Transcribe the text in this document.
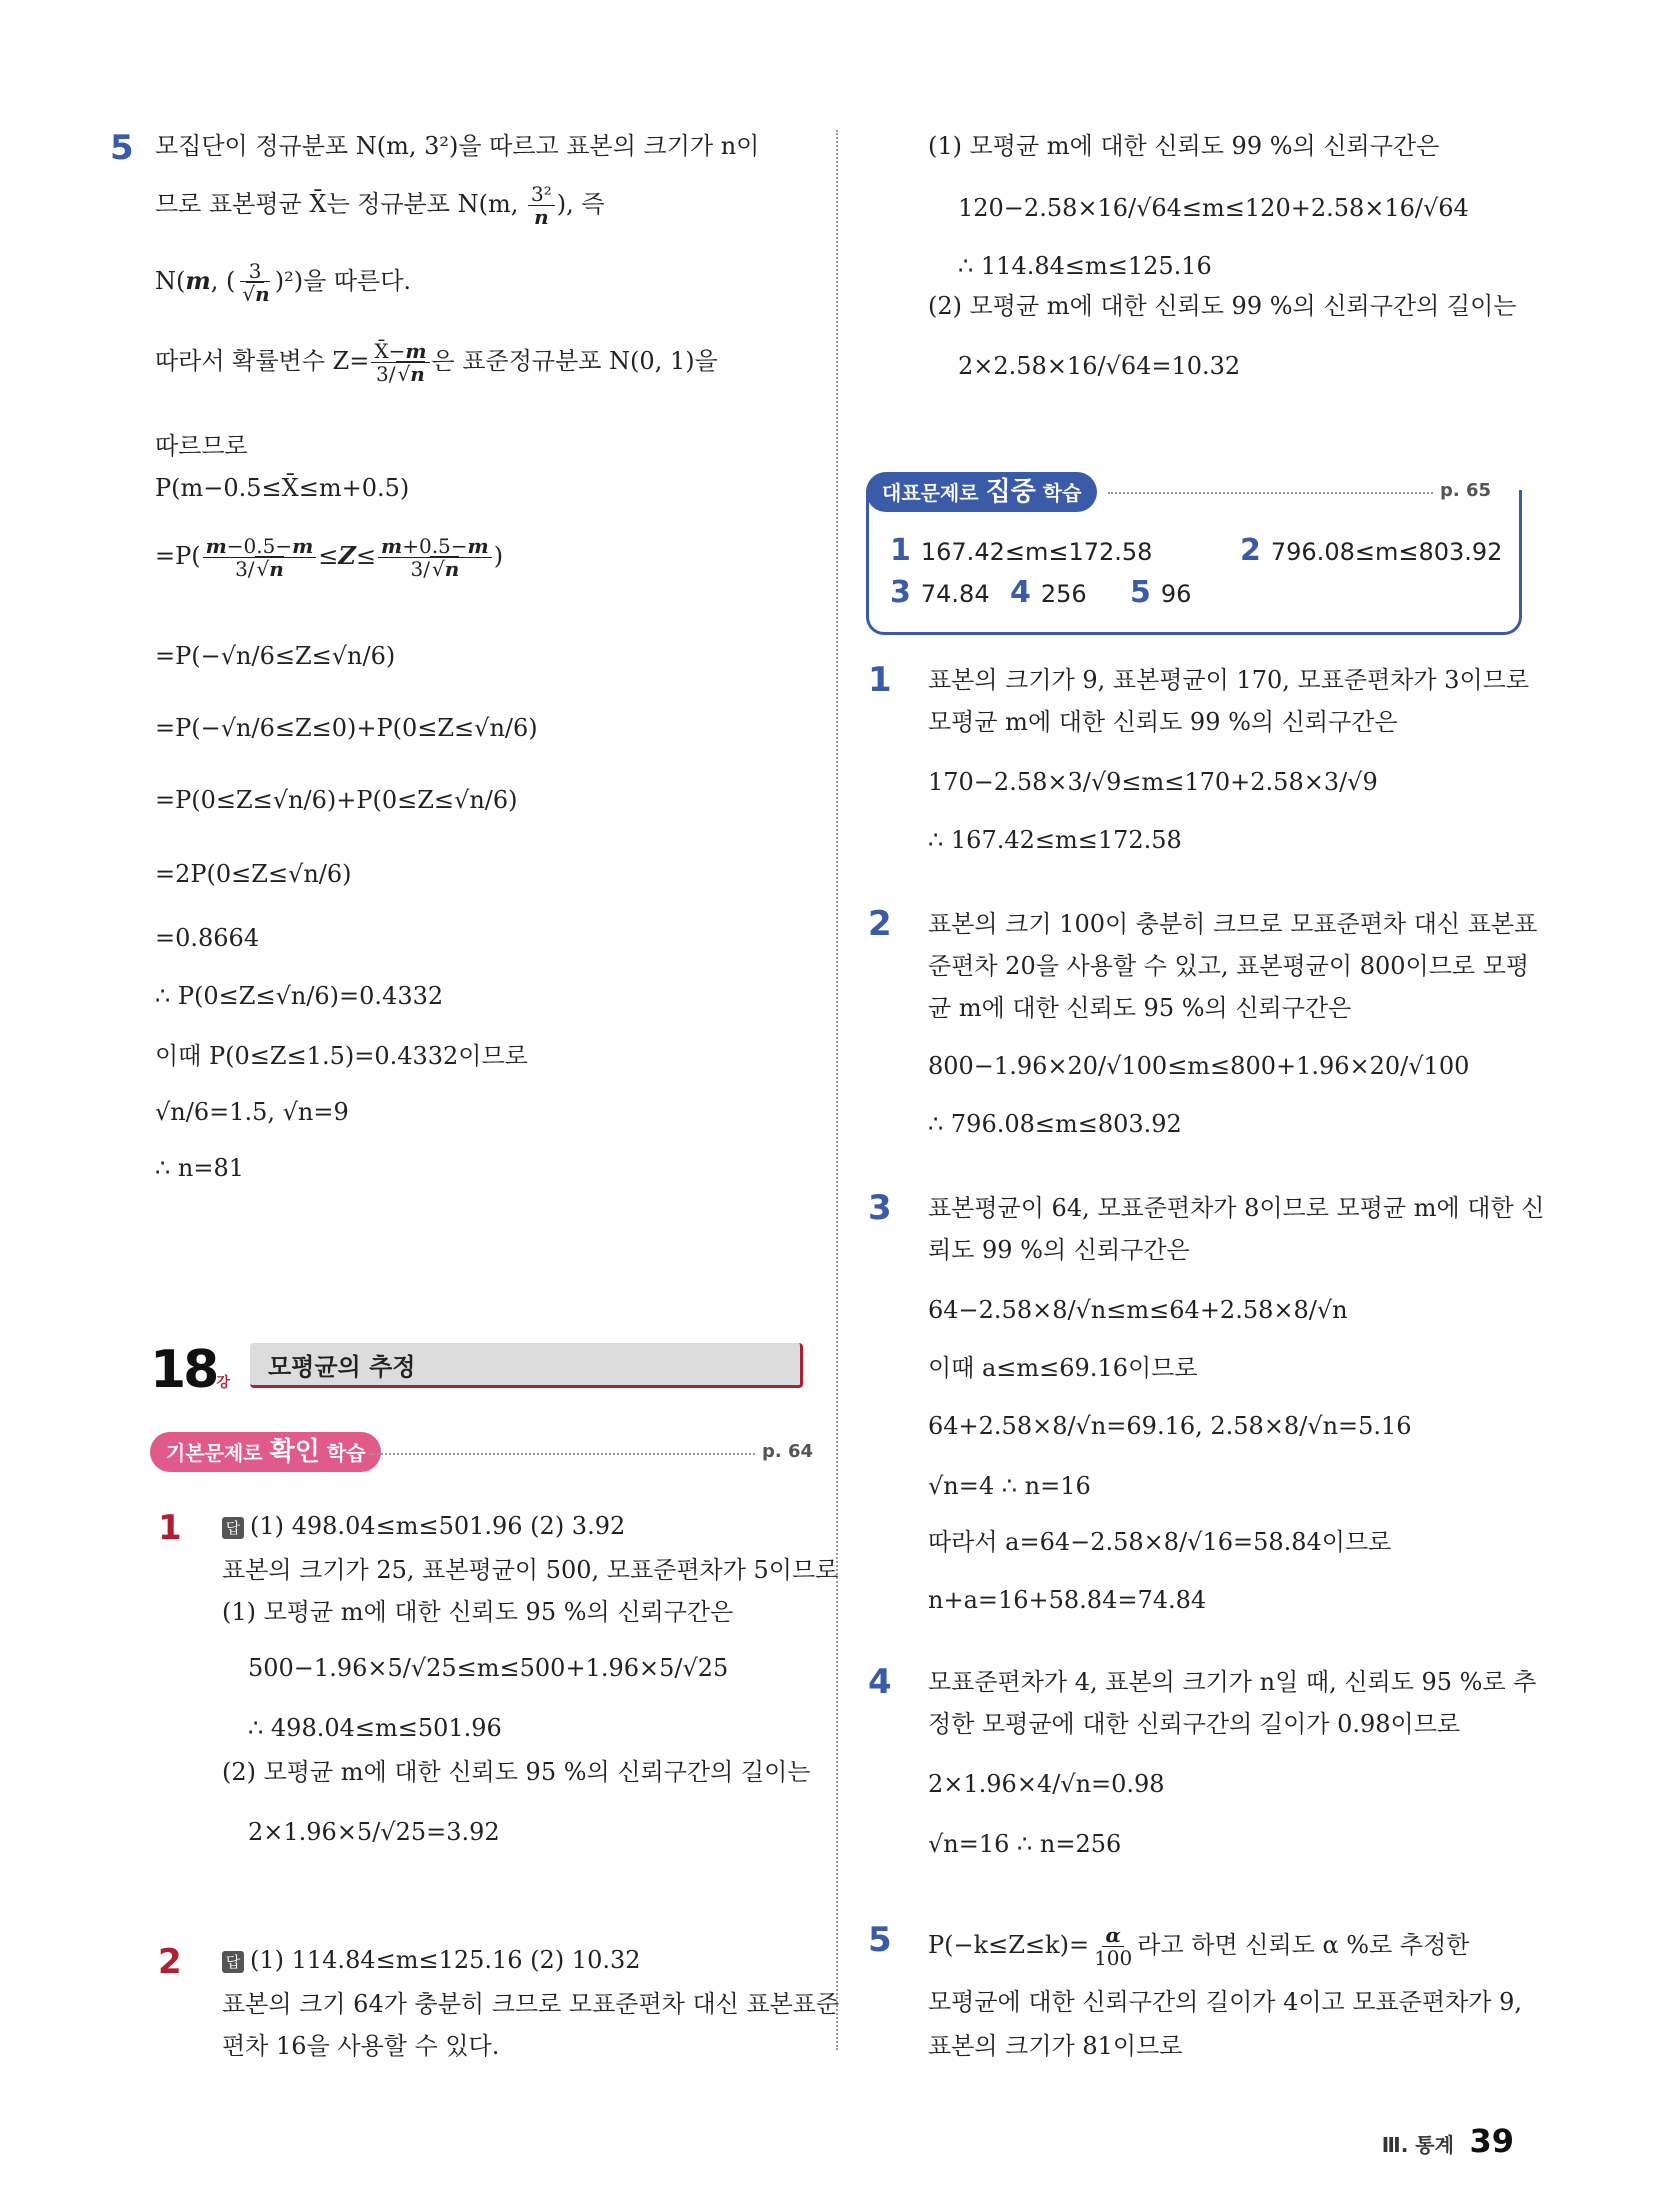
5 모집단이 정규분포 N(m, 3²)을 따르고 표본의 크기가 n이
므로 표본평균 X̄는 정규분포 N(m, $\frac{\text{3²}}{n}$ ), 즉
N(m, ( 3
√ n )²)을 따른다.
따라서 확률변수 $Z= \frac{X̄-m}{3/ √ n}$ 은 표준정규분포 N(0, 1)을
따르므로
P(m−0.5≤X̄≤m+0.5)
$=P( \frac{m-0.5-m}{3/ √ n} \le Z\le \frac{m+0.5-m}{3/ √ n}$ )
=P(−√n/6≤Z≤√n/6)
=P(−√n/6≤Z≤0)+P(0≤Z≤√n/6)
=P(0≤Z≤√n/6)+P(0≤Z≤√n/6)
=2P(0≤Z≤√n/6)
=0.8664
∴ P(0≤Z≤√n/6)=0.4332
이때 P(0≤Z≤1.5)=0.4332이므로
√n/6=1.5, √n=9
∴ n=81
18강
모평균의 추정
기본문제로 확인 학습	p. 64
1	답 (1) 498.04≤m≤501.96 (2) 3.92
표본의 크기가 25, 표본평균이 500, 모표준편차가 5이므로
(1) 모평균 m에 대한 신뢰도 95 %의 신뢰구간은
500−1.96×5/√25≤m≤500+1.96×5/√25
∴ 498.04≤m≤501.96
(2) 모평균 m에 대한 신뢰도 95 %의 신뢰구간의 길이는
2×1.96×5/√25=3.92
2	답 (1) 114.84≤m≤125.16 (2) 10.32
표본의 크기 64가 충분히 크므로 모표준편차 대신 표본표준
편차 16을 사용할 수 있다.
(1) 모평균 m에 대한 신뢰도 99 %의 신뢰구간은
120−2.58×16/√64≤m≤120+2.58×16/√64
∴ 114.84≤m≤125.16
(2) 모평균 m에 대한 신뢰도 99 %의 신뢰구간의 길이는
2×2.58×16/√64=10.32
대표문제로 집중 학습	p. 65
1 167.42≤m≤172.58	2 796.08≤m≤803.92
3 74.84 4 256 5 96
1 표본의 크기가 9, 표본평균이 170, 모표준편차가 3이므로
모평균 m에 대한 신뢰도 99 %의 신뢰구간은
170−2.58×3/√9≤m≤170+2.58×3/√9
∴ 167.42≤m≤172.58
2 표본의 크기 100이 충분히 크므로 모표준편차 대신 표본표
준편차 20을 사용할 수 있고, 표본평균이 800이므로 모평
균 m에 대한 신뢰도 95 %의 신뢰구간은
800−1.96×20/√100≤m≤800+1.96×20/√100
∴ 796.08≤m≤803.92
3 표본평균이 64, 모표준편차가 8이므로 모평균 m에 대한 신
뢰도 99 %의 신뢰구간은
64−2.58×8/√n≤m≤64+2.58×8/√n
이때 a≤m≤69.16이므로
64+2.58×8/√n=69.16, 2.58×8/√n=5.16
√n=4 ∴ n=16
따라서 a=64−2.58×8/√16=58.84이므로
n+a=16+58.84=74.84
4 모표준편차가 4, 표본의 크기가 n일 때, 신뢰도 95 %로 추
정한 모평균에 대한 신뢰구간의 길이가 0.98이므로
2×1.96×4/√n=0.98
√n=16 ∴ n=256
5 $P(-k\le Z\le k)= \frac{\alpha}{100}$ 라고 하면 신뢰도 α %로 추정한
모평균에 대한 신뢰구간의 길이가 4이고 모표준편차가 9,
표본의 크기가 81이므로
Ⅲ. 통계 39
